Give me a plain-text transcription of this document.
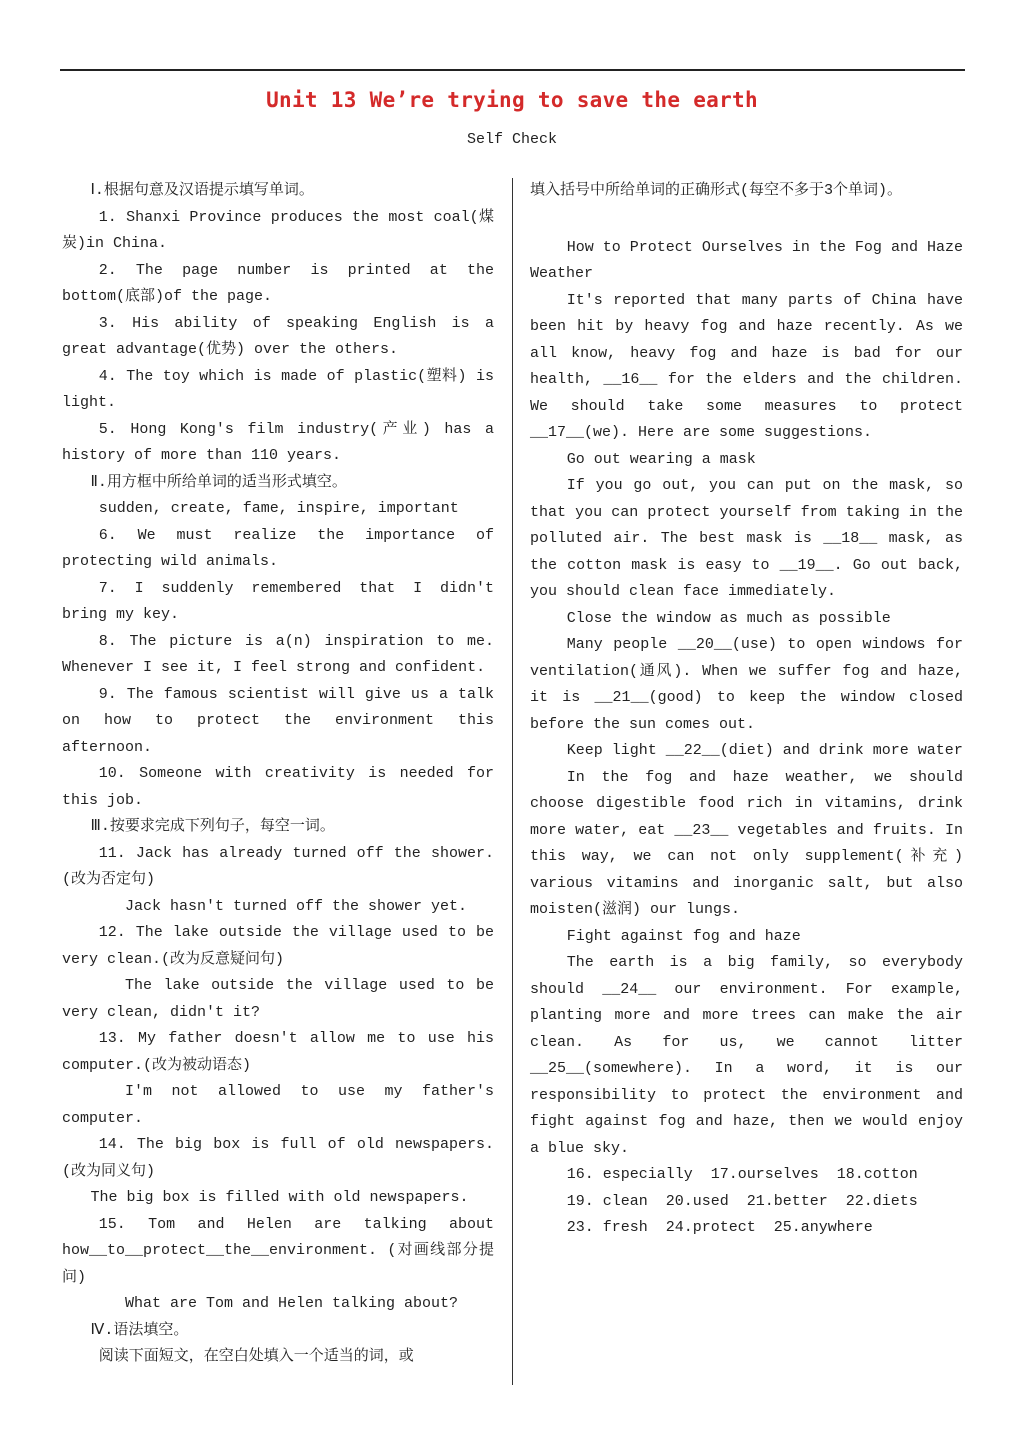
Unit 13 We’re trying to save the earth
Self Check

Ⅰ.根据句意及汉语提示填写单词。

1. Shanxi Province produces the most coal(煤炭)in China.

2. The page number is printed at the bottom(底部)of the page.

3. His ability of speaking English is a great advantage(优势) over the others.

4. The toy which is made of plastic(塑料) is light.

5. Hong Kong's film industry(产业) has a history of more than 110 years.

Ⅱ.用方框中所给单词的适当形式填空。

sudden, create, fame, inspire, important

6. We must realize the importance of protecting wild animals.

7. I suddenly remembered that I didn't bring my key.

8. The picture is a(n) inspiration to me. Whenever I see it, I feel strong and confident.

9. The famous scientist will give us a talk on how to protect the environment this afternoon.

10. Someone with creativity is needed for this job.

Ⅲ.按要求完成下列句子，每空一词。

11. Jack has already turned off the shower.(改为否定句)

Jack hasn't turned off the shower yet.

12. The lake outside the village used to be very clean.(改为反意疑问句)

The lake outside the village used to be very clean, didn't it?

13. My father doesn't allow me to use his computer.(改为被动语态)

I'm not allowed to use my father's computer.

14. The big box is full of old newspapers.(改为同义句)

The big box is filled with old newspapers.

15. Tom and Helen are talking about how__to__protect__the__environment. (对画线部分提问)

What are Tom and Helen talking about?

Ⅳ.语法填空。

阅读下面短文，在空白处填入一个适当的词，或

填入括号中所给单词的正确形式(每空不多于3个单词)。

How to Protect Ourselves in the Fog and Haze Weather

It's reported that many parts of China have been hit by heavy fog and haze recently. As we all know, heavy fog and haze is bad for our health, __16__ for the elders and the children. We should take some measures to protect __17__(we). Here are some suggestions.

Go out wearing a mask

If you go out, you can put on the mask, so that you can protect yourself from taking in the polluted air. The best mask is __18__ mask, as the cotton mask is easy to __19__. Go out back, you should clean face immediately.

Close the window as much as possible

Many people __20__(use) to open windows for ventilation(通风). When we suffer fog and haze, it is __21__(good) to keep the window closed before the sun comes out.

Keep light __22__(diet) and drink more water

In the fog and haze weather, we should choose digestible food rich in vitamins, drink more water, eat __23__ vegetables and fruits. In this way, we can not only supplement(补充) various vitamins and inorganic salt, but also moisten(滋润) our lungs.

Fight against fog and haze

The earth is a big family, so everybody should __24__ our environment. For example, planting more and more trees can make the air clean. As for us, we cannot litter __25__(somewhere). In a word, it is our responsibility to protect the environment and fight against fog and haze, then we would enjoy a blue sky.

16. especially  17.ourselves  18.cotton

19. clean  20.used  21.better  22.diets

23. fresh  24.protect  25.anywhere
